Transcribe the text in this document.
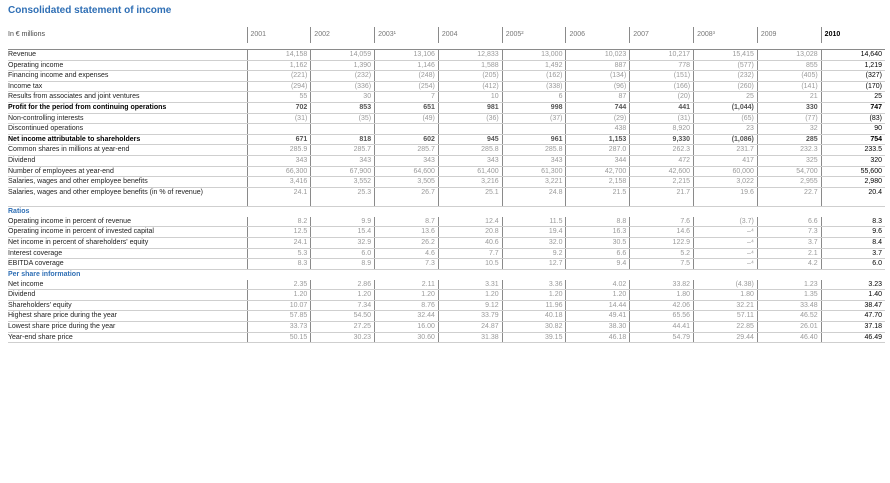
Consolidated statement of income
In € millions	2001	2002	2003¹	2004	2005²	2006	2007	2008³	2009	2010

Revenue	14,158	14,059	13,106	12,833	13,000	10,023	10,217	15,415	13,028	14,640
Operating income	1,162	1,390	1,146	1,588	1,492	887	778	(577)	855	1,219
Financing income and expenses	(221)	(232)	(248)	(205)	(162)	(134)	(151)	(232)	(405)	(327)
Income tax	(294)	(336)	(254)	(412)	(338)	(96)	(166)	(260)	(141)	(170)
Results from associates and joint ventures	55	30	7	10	6	87	(20)	25	21	25
Profit for the period from continuing operations	702	853	651	981	998	744	441	(1,044)	330	747
Non-controlling interests	(31)	(35)	(49)	(36)	(37)	(29)	(31)	(65)	(77)	(83)
Discontinued operations						438	8,920	23	32	90
Net income attributable to shareholders	671	818	602	945	961	1,153	9,330	(1,086)	285	754
Common shares in millions at year-end	285.9	285.7	285.7	285.8	285.8	287.0	262.3	231.7	232.3	233.5
Dividend	343	343	343	343	343	344	472	417	325	320
Number of employees at year-end	66,300	67,900	64,600	61,400	61,300	42,700	42,600	60,000	54,700	55,600
Salaries, wages and other employee benefits	3,416	3,552	3,505	3,216	3,221	2,158	2,215	3,022	2,955	2,980
Salaries, wages and other employee benefits (in % of revenue)	24.1	25.3	26.7	25.1	24.8	21.5	21.7	19.6	22.7	20.4
Ratios										
Operating income in percent of revenue	8.2	9.9	8.7	12.4	11.5	8.8	7.6	(3.7)	6.6	8.3
Operating income in percent of invested capital	12.5	15.4	13.6	20.8	19.4	16.3	14.6	–⁴	7.3	9.6
Net income in percent of shareholders' equity	24.1	32.9	26.2	40.6	32.0	30.5	122.9	–⁴	3.7	8.4
Interest coverage	5.3	6.0	4.6	7.7	9.2	6.6	5.2	–⁴	2.1	3.7
EBITDA coverage	8.3	8.9	7.3	10.5	12.7	9.4	7.5	–⁴	4.2	6.0
Per share information										
Net income	2.35	2.86	2.11	3.31	3.36	4.02	33.82	(4.38)	1.23	3.23
Dividend	1.20	1.20	1.20	1.20	1.20	1.20	1.80	1.80	1.35	1.40
Shareholders' equity	10.07	7.34	8.76	9.12	11.96	14.44	42.06	32.21	33.48	38.47
Highest share price during the year	57.85	54.50	32.44	33.79	40.18	49.41	65.56	57.11	46.52	47.70
Lowest share price during the year	33.73	27.25	16.00	24.87	30.82	38.30	44.41	22.85	26.01	37.18
Year-end share price	50.15	30.23	30.60	31.38	39.15	46.18	54.79	29.44	46.40	46.49
